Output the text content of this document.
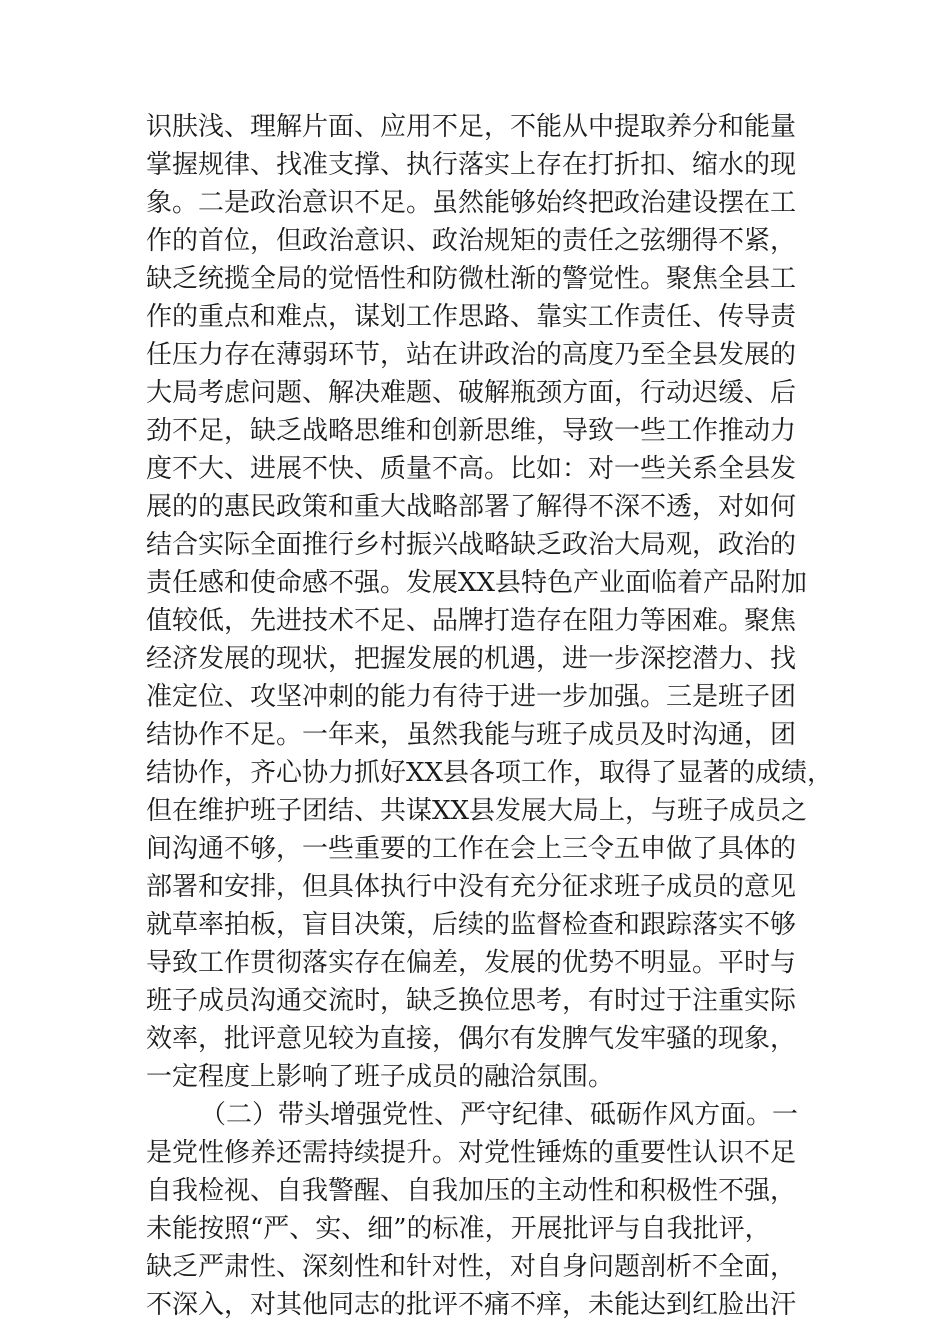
识肤浅、理解片面、应用不足，不能从中提取养分和能量
掌握规律、找准支撑、执行落实上存在打折扣、缩水的现
象。二是政治意识不足。虽然能够始终把政治建设摆在工
作的首位，但政治意识、政治规矩的责任之弦绷得不紧，
缺乏统揽全局的觉悟性和防微杜渐的警觉性。聚焦全县工
作的重点和难点，谋划工作思路、靠实工作责任、传导责
任压力存在薄弱环节，站在讲政治的高度乃至全县发展的
大局考虑问题、解决难题、破解瓶颈方面，行动迟缓、后
劲不足，缺乏战略思维和创新思维，导致一些工作推动力
度不大、进展不快、质量不高。比如：对一些关系全县发
展的的惠民政策和重大战略部署了解得不深不透，对如何
结合实际全面推行乡村振兴战略缺乏政治大局观，政治的
责任感和使命感不强。发展XX县特色产业面临着产品附加
值较低，先进技术不足、品牌打造存在阻力等困难。聚焦
经济发展的现状，把握发展的机遇，进一步深挖潜力、找
准定位、攻坚冲刺的能力有待于进一步加强。三是班子团
结协作不足。一年来，虽然我能与班子成员及时沟通，团
结协作，齐心协力抓好XX县各项工作，取得了显著的成绩，
但在维护班子团结、共谋XX县发展大局上，与班子成员之
间沟通不够，一些重要的工作在会上三令五申做了具体的
部署和安排，但具体执行中没有充分征求班子成员的意见
就草率拍板，盲目决策，后续的监督检查和跟踪落实不够
导致工作贯彻落实存在偏差，发展的优势不明显。平时与
班子成员沟通交流时，缺乏换位思考，有时过于注重实际
效率，批评意见较为直接，偶尔有发脾气发牢骚的现象，
一定程度上影响了班子成员的融洽氛围。
（二）带头增强党性、严守纪律、砥砺作风方面。一
是党性修养还需持续提升。对党性锤炼的重要性认识不足
自我检视、自我警醒、自我加压的主动性和积极性不强，
未能按照“严、实、细”的标准，开展批评与自我批评，
缺乏严肃性、深刻性和针对性，对自身问题剖析不全面，
不深入，对其他同志的批评不痛不痒，未能达到红脸出汗
